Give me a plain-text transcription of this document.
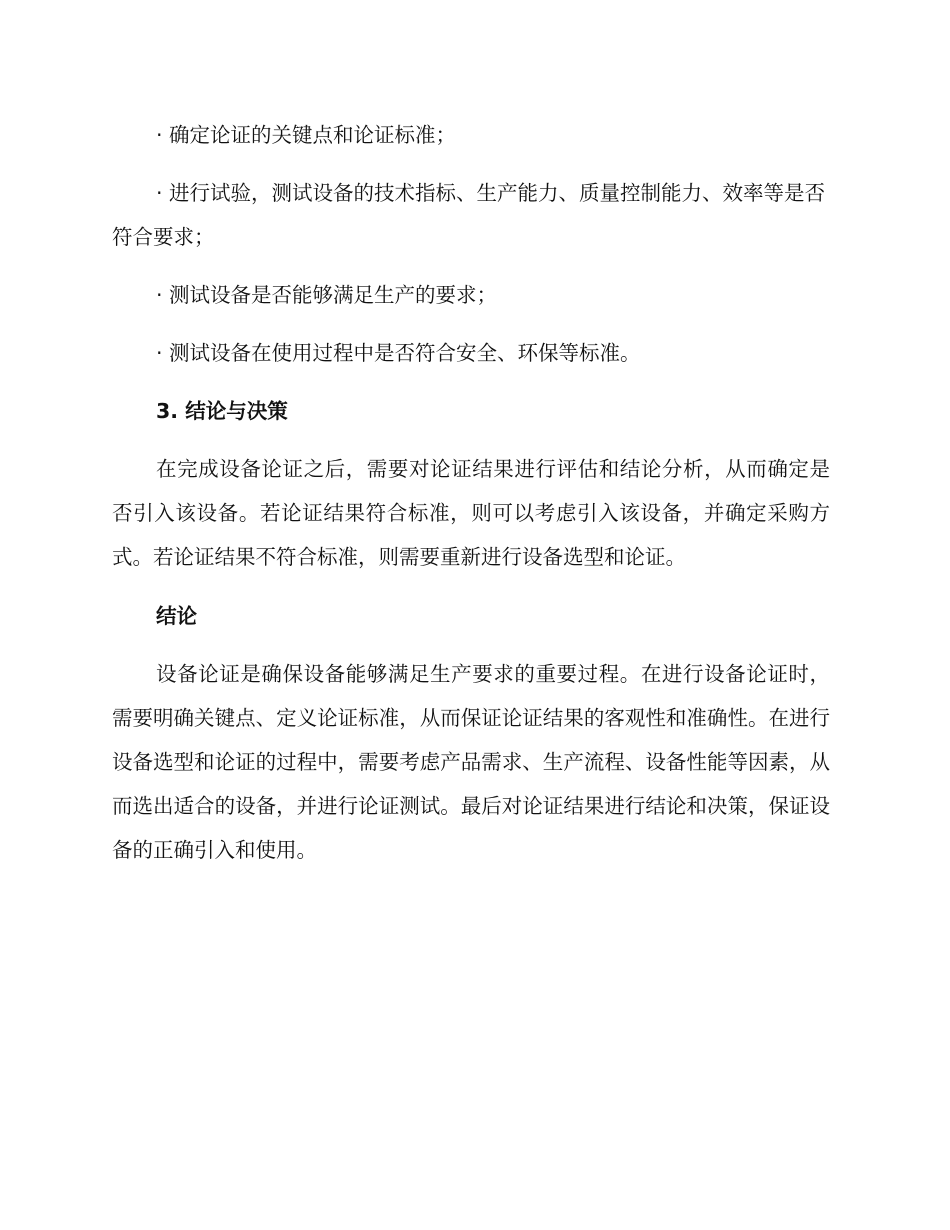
· 确定论证的关键点和论证标准；

· 进行试验，测试设备的技术指标、生产能力、质量控制能力、效率等是否符合要求；

· 测试设备是否能够满足生产的要求；

· 测试设备在使用过程中是否符合安全、环保等标准。

3. 结论与决策

在完成设备论证之后，需要对论证结果进行评估和结论分析，从而确定是否引入该设备。若论证结果符合标准，则可以考虑引入该设备，并确定采购方式。若论证结果不符合标准，则需要重新进行设备选型和论证。

结论

设备论证是确保设备能够满足生产要求的重要过程。在进行设备论证时，需要明确关键点、定义论证标准，从而保证论证结果的客观性和准确性。在进行设备选型和论证的过程中，需要考虑产品需求、生产流程、设备性能等因素，从而选出适合的设备，并进行论证测试。最后对论证结果进行结论和决策，保证设备的正确引入和使用。
